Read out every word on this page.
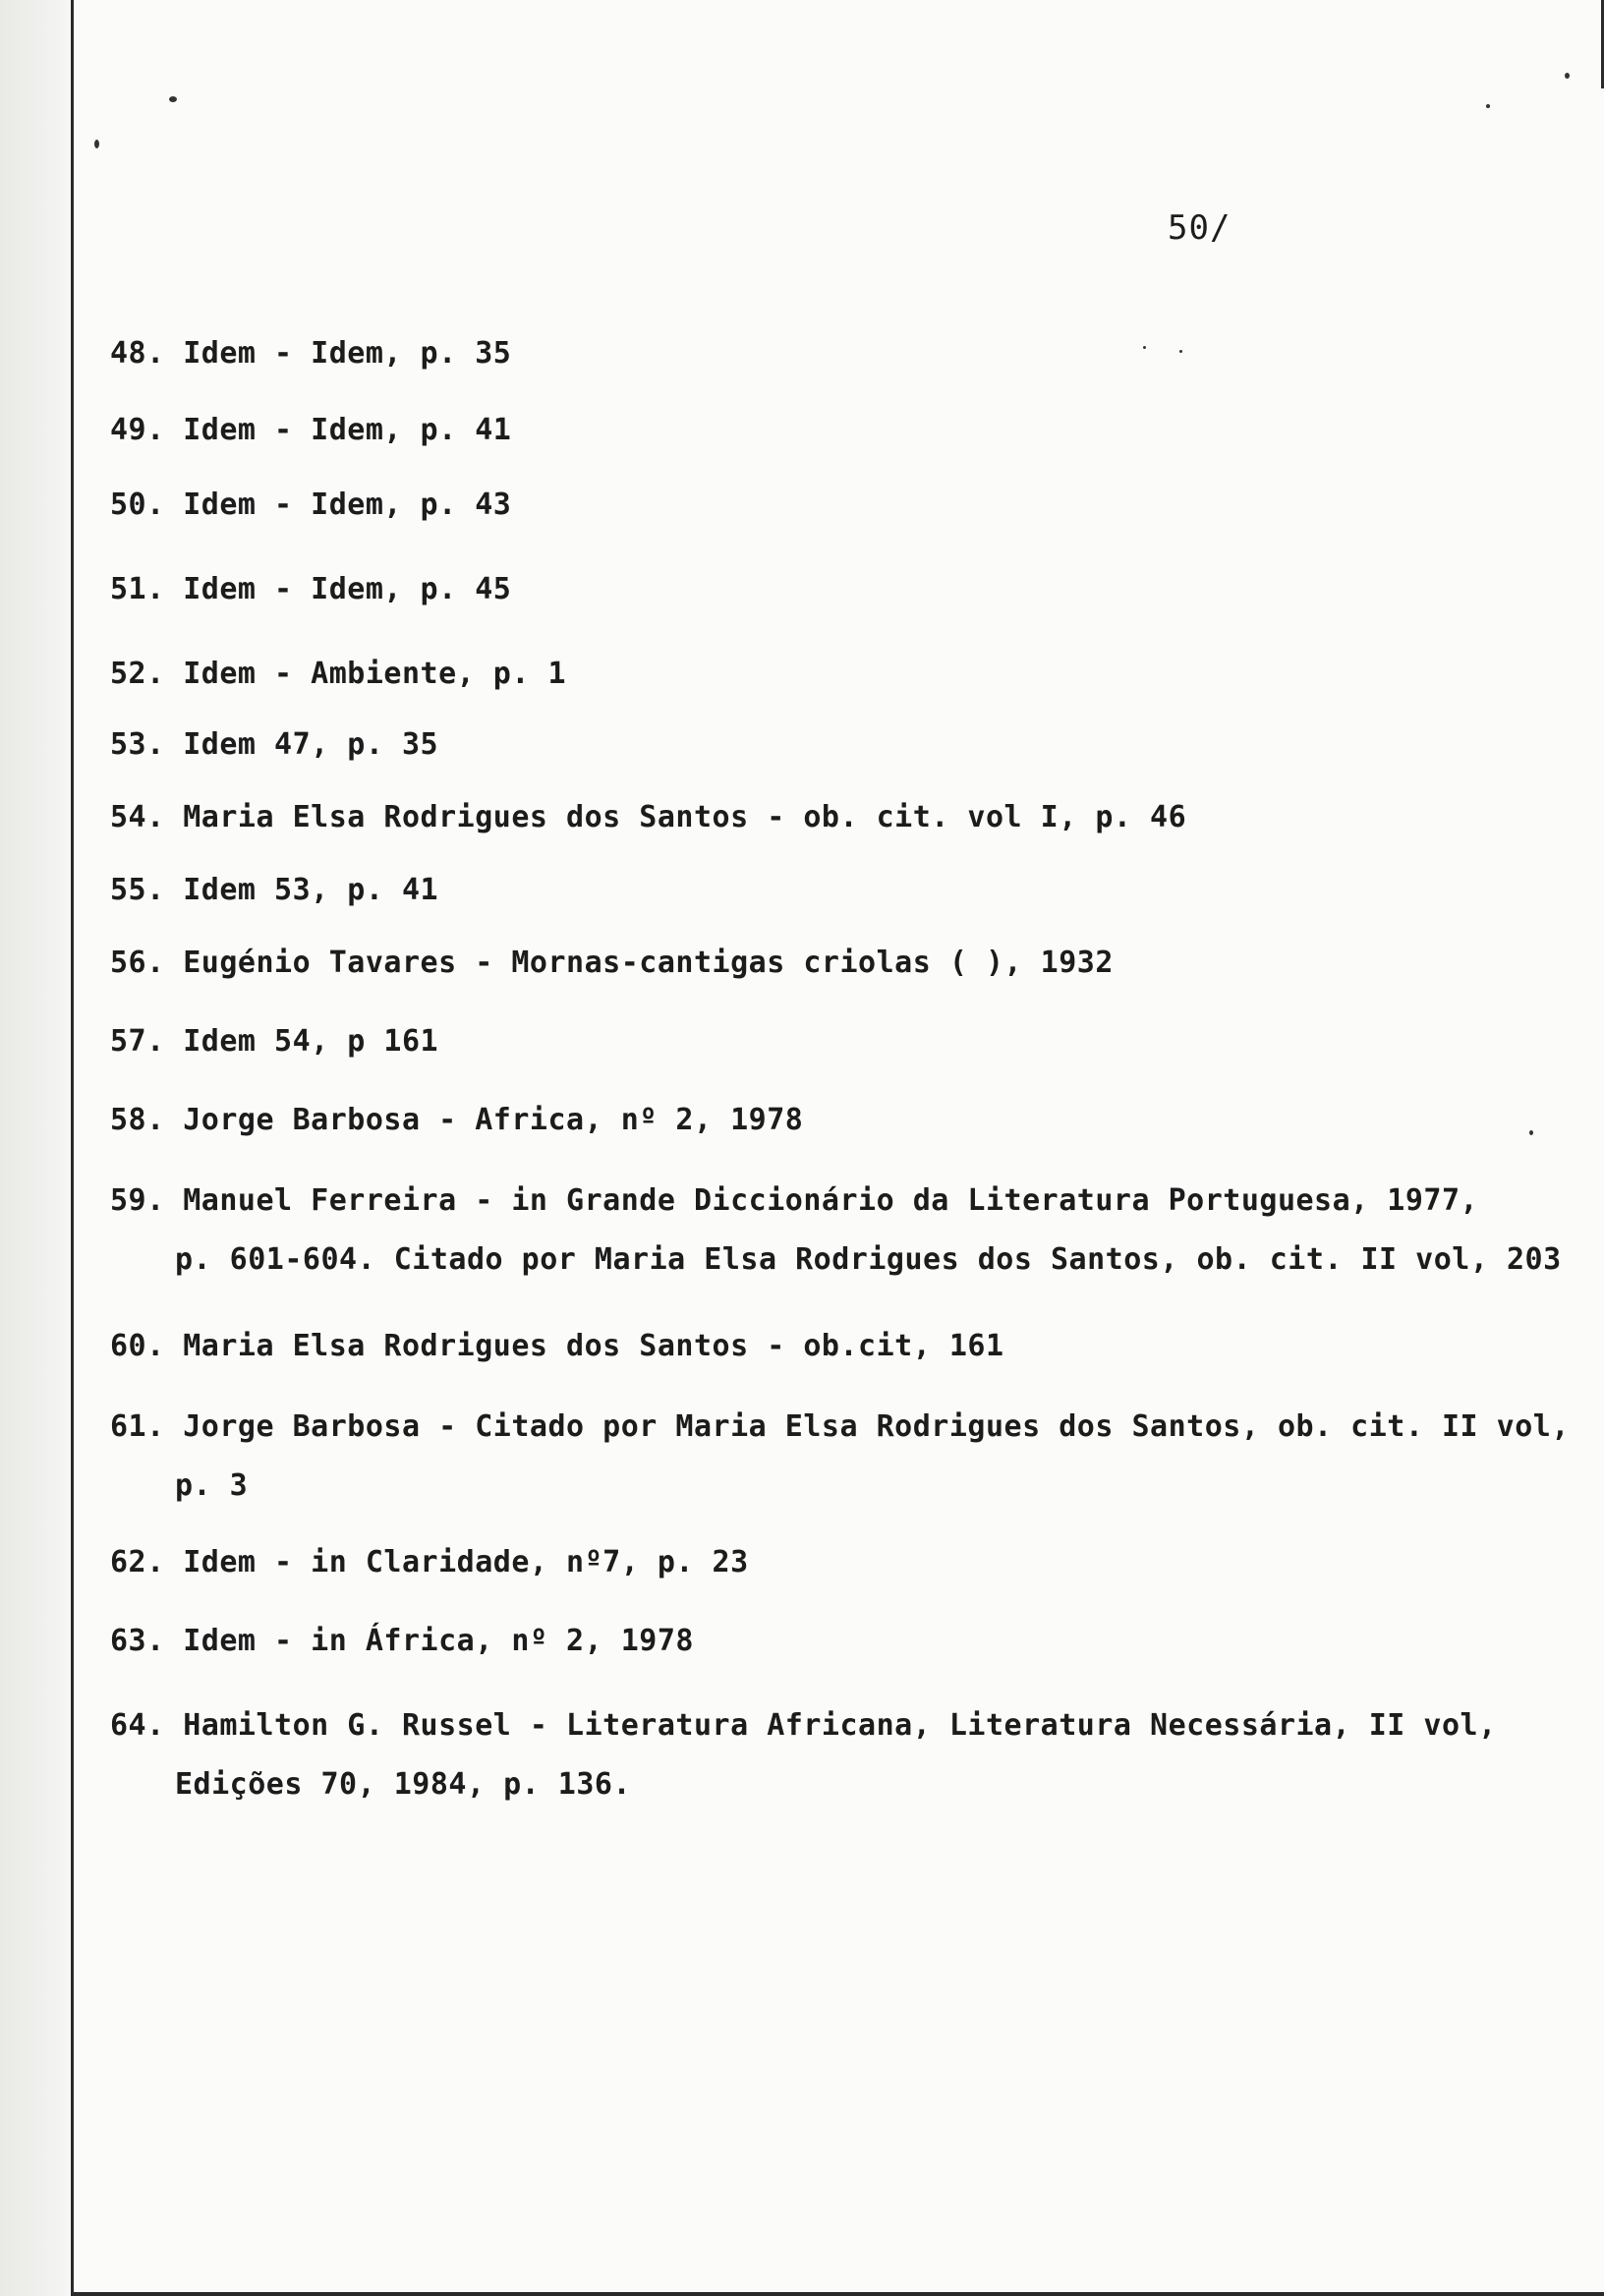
50/
48. Idem - Idem, p. 35
49. Idem - Idem, p. 41
50. Idem - Idem, p. 43
51. Idem - Idem, p. 45
52. Idem - Ambiente, p. 1
53. Idem 47, p. 35
54. Maria Elsa Rodrigues dos Santos - ob. cit. vol I, p. 46
55. Idem 53, p. 41
56. Eugénio Tavares - Mornas-cantigas criolas ( ), 1932
57. Idem 54, p 161
58. Jorge Barbosa - Africa, nº 2, 1978
59. Manuel Ferreira - in Grande Diccionário da Literatura Portuguesa, 1977,
p. 601-604. Citado por Maria Elsa Rodrigues dos Santos, ob. cit. II vol, 203
60. Maria Elsa Rodrigues dos Santos - ob.cit, 161
61. Jorge Barbosa - Citado por Maria Elsa Rodrigues dos Santos, ob. cit. II vol,
p. 3
62. Idem - in Claridade, nº7, p. 23
63. Idem - in África, nº 2, 1978
64. Hamilton G. Russel - Literatura Africana, Literatura Necessária, II vol,
Edições 70, 1984, p. 136.
